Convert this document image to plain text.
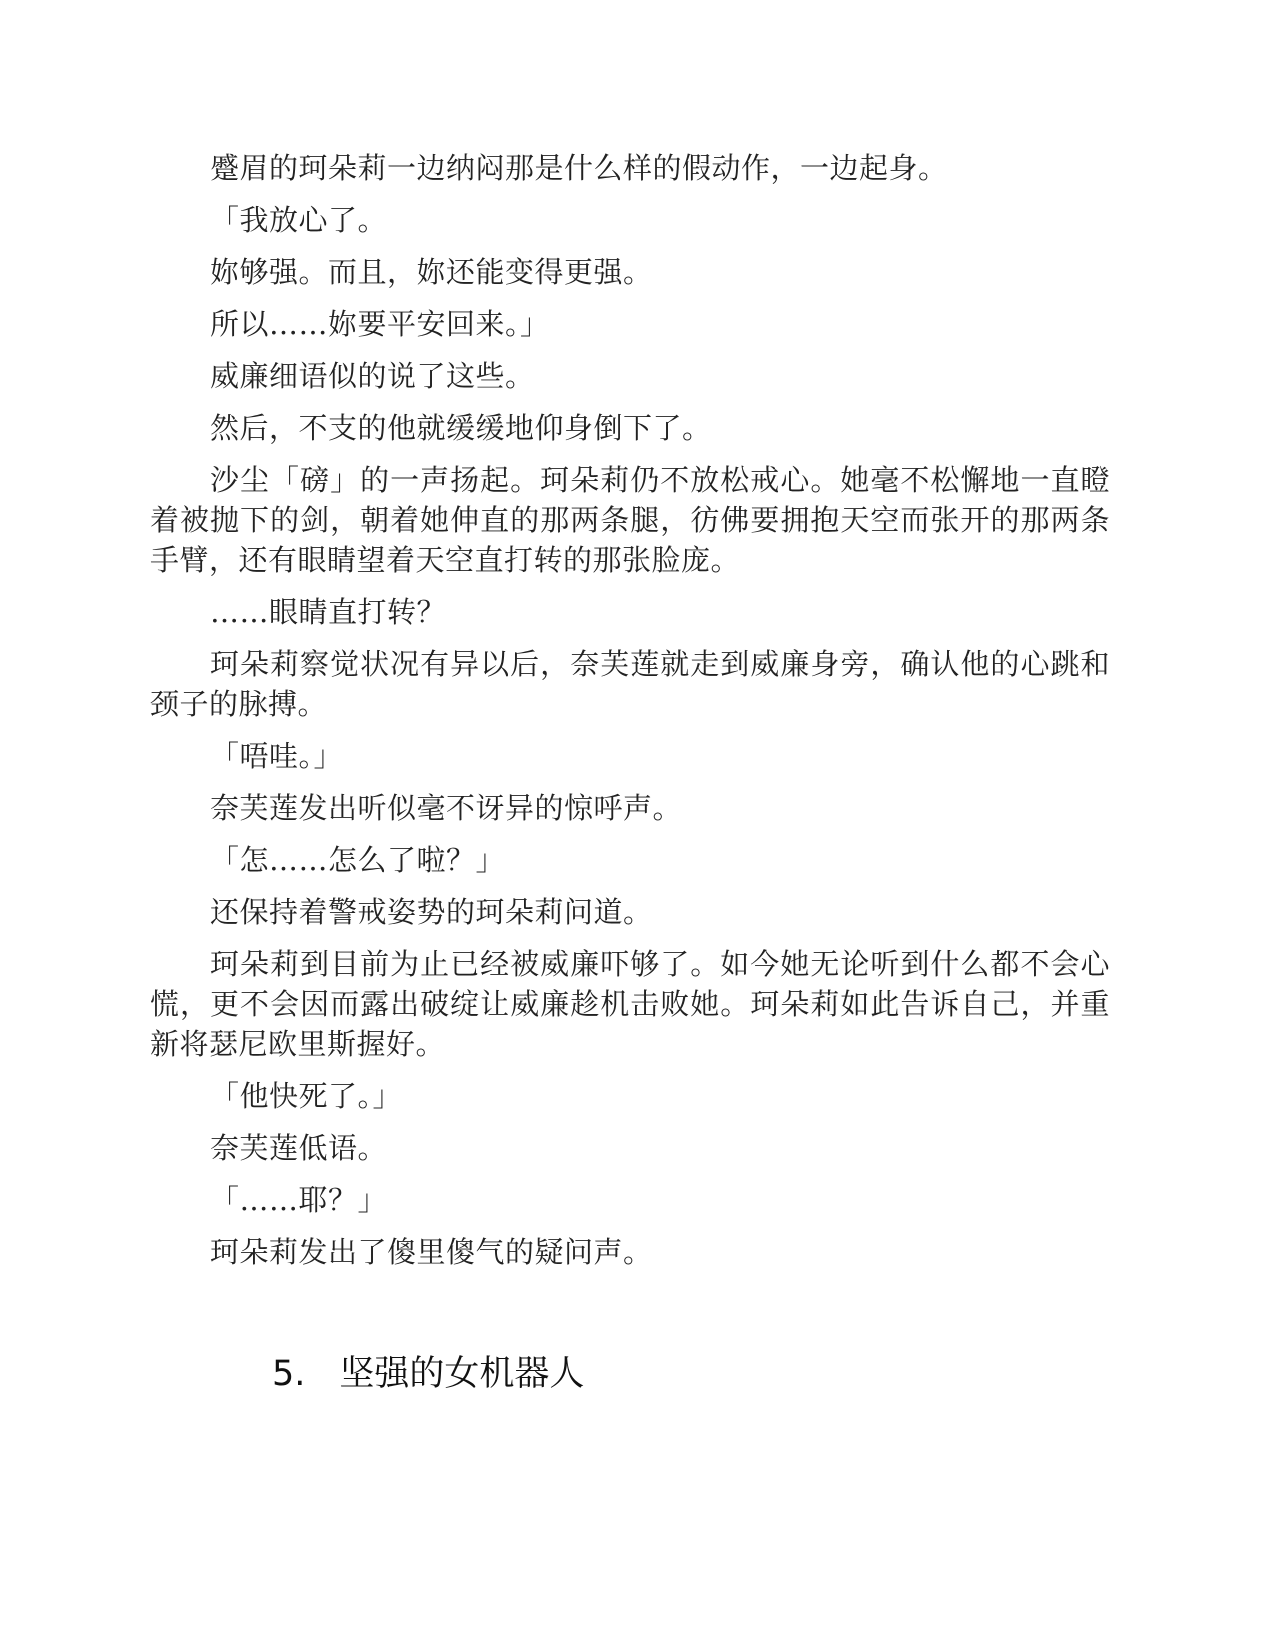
蹙眉的珂朵莉一边纳闷那是什么样的假动作，一边起身。

「我放心了。

妳够强。而且，妳还能变得更强。

所以……妳要平安回来。」

威廉细语似的说了这些。

然后，不支的他就缓缓地仰身倒下了。

沙尘「磅」的一声扬起。珂朵莉仍不放松戒心。她毫不松懈地一直瞪着被抛下的剑，朝着她伸直的那两条腿，彷佛要拥抱天空而张开的那两条手臂，还有眼睛望着天空直打转的那张脸庞。

……眼睛直打转？

珂朵莉察觉状况有异以后，奈芙莲就走到威廉身旁，确认他的心跳和颈子的脉搏。

「唔哇。」

奈芙莲发出听似毫不讶异的惊呼声。

「怎……怎么了啦？」

还保持着警戒姿势的珂朵莉问道。

珂朵莉到目前为止已经被威廉吓够了。如今她无论听到什么都不会心慌，更不会因而露出破绽让威廉趁机击败她。珂朵莉如此告诉自己，并重新将瑟尼欧里斯握好。

「他快死了。」

奈芙莲低语。

「……耶？」

珂朵莉发出了傻里傻气的疑问声。

5. 坚强的女机器人
